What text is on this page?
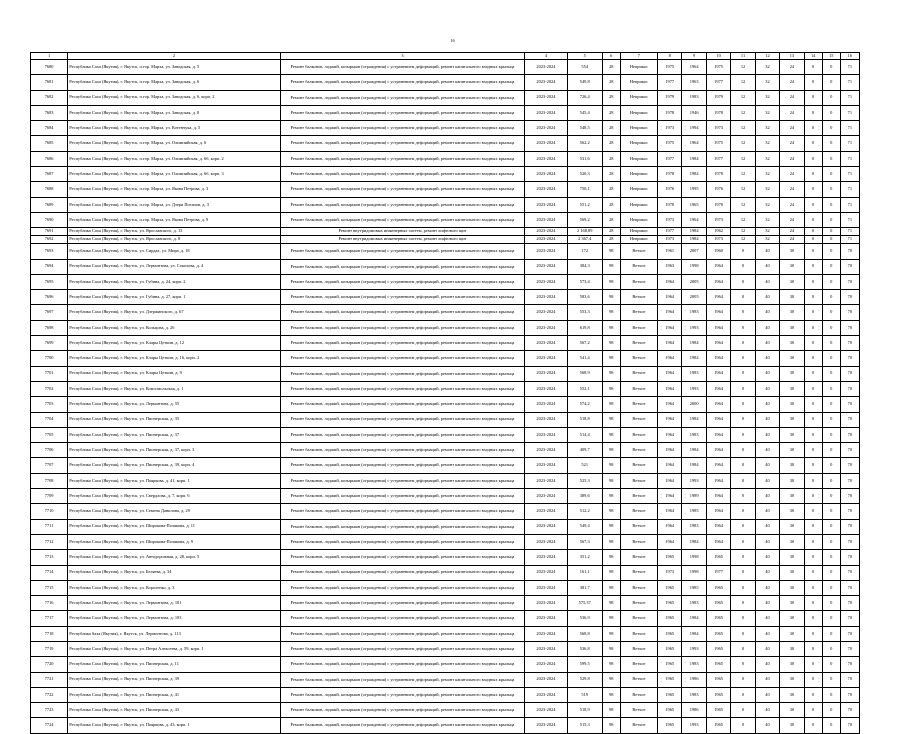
16
1	2	3	4	5	6	7	8	9	10	11	12	13	14	15	16
7680	Республика Саха (Якутия), г. Якутск, п.гор. Марха, ул. Заводская, д. 5	Ремонт балконов, лоджий, козырьков (ограждения) с устранением деформаций, ремонт капитального входных крыльца	2023-2024	554	28	Неприкос	1975	1964	1975	12	32	24	0	0	71
7681	Республика Саха (Якутия), г. Якутск, п.гор. Марха, ул. Заводская, д. 6	Ремонт балконов, лоджий, козырьков (ограждения) с устранением деформаций, ремонт капитального входных крыльца	2023-2024	549,8	28	Неприкос	1977	1963	1977	12	32	24	0	0	71
7682	Республика Саха (Якутия), г. Якутск, п.гор. Марха, ул. Заводская, д. 6, корп. 2	Ремонт балконов, лоджий, козырьков (ограждения) с устранением деформаций, ремонт капитального входных крыльца	2023-2024	726,4	28	Неприкос	1979	1983	1979	12	32	24	0	0	71
7683	Республика Саха (Якутия), г. Якутск, п.гор. Марха, ул. Заводская, д. 8	Ремонт балконов, лоджий, козырьков (ограждения) с устранением деформаций, ремонт капитального входных крыльца	2023-2024	545,4	28	Неприкос	1978	1946	1978	12	32	24	0	0	71
7684	Республика Саха (Якутия), г. Якутск, п.гор. Марха, ул. Котенчука, д. 5	Ремонт балконов, лоджий, козырьков (ограждения) с устранением деформаций, ремонт капитального входных крыльца	2023-2024	548,5	28	Неприкос	1973	1994	1973	12	32	24	0	0	71
7685	Республика Саха (Якутия), г. Якутск, п.гор. Марха, ул. Олимпийская, д. 6	Ремонт балконов, лоджий, козырьков (ограждения) с устранением деформаций, ремонт капитального входных крыльца	2023-2024	562,2	28	Неприкос	1975	1964	1975	12	32	24	0	0	71
7686	Республика Саха (Якутия), г. Якутск, п.гор. Марха, ул. Олимпийская, д. 6б, корп. 2	Ремонт балконов, лоджий, козырьков (ограждения) с устранением деформаций, ремонт капитального входных крыльца	2023-2024	531,6	28	Неприкос	1977	1984	1977	12	32	24	0	0	71
7687	Республика Саха (Якутия), г. Якутск, п.гор. Марха, ул. Олимпийская, д. 6б, корп. 3	Ремонт балконов, лоджий, козырьков (ограждения) с устранением деформаций, ремонт капитального входных крыльца	2023-2024	520,3	28	Неприкос	1978	1984	1978	12	32	24	0	0	71
7688	Республика Саха (Якутия), г. Якутск, п.гор. Марха, ул. Якова Петрова, д. 3	Ремонт балконов, лоджий, козырьков (ограждения) с устранением деформаций, ремонт капитального входных крыльца	2023-2024	750,1	28	Неприкос	1976	1995	1976	12	32	24	0	0	71
7689	Республика Саха (Якутия), г. Якутск, п.гор. Марха, ул. Дзери Потапов, д. 3	Ремонт балконов, лоджий, козырьков (ограждения) с устранением деформаций, ремонт капитального входных крыльца	2023-2024	551,2	28	Неприкос	1978	1965	1978	12	32	24	0	0	71
7690	Республика Саха (Якутия), г. Якутск, п.гор. Марха, ул. Якова Петрова, д. 9	Ремонт балконов, лоджий, козырьков (ограждения) с устранением деформаций, ремонт капитального входных крыльца	2023-2024	569,2	28	Неприкос	1973	1964	1973	12	32	24	0	0	71
7691	Республика Саха (Якутия), г. Якутск, ул. Ярославского, д. 13	Ремонт внутридомовых инженерных систем, ремонт лифтового щит	2023-2024	2 168,89	28	Неприкос	1977	1984	1962	12	32	24	0	0	71
7692	Республика Саха (Якутия), г. Якутск, ул. Ярославского, д. 8	Ремонт внутридомовых инженерных систем, ремонт лифтового щит	2023-2024	2 367,4	28	Неприкос	1973	1984	1973	12	32	24	0	0	71
7693	Республика Саха (Якутия), г. Якутск, ул. Сирдах, ул. Мира, д. 18	Ремонт балконов, лоджий, козырьков (ограждения) с устранением деформаций, ремонт капитального входных крыльца	2023-2024	172	98	Ветхое	1961	2007	1960	0	40	30	0	0	70
7694	Республика Саха (Якутия), г. Якутск, ул. Лермонтова, ул. Соколова, д. 4	Ремонт балконов, лоджий, козырьков (ограждения) с устранением деформаций, ремонт капитального входных крыльца	2023-2024	384,3	98	Ветхое	1963	1998	1964	0	40	30	0	0	70
7695	Республика Саха (Якутия), г. Якутск, ул. Губина, д. 24, корп. 2	Ремонт балконов, лоджий, козырьков (ограждения) с устранением деформаций, ремонт капитального входных крыльца	2023-2024	573,4	98	Ветхое	1964	2005	1964	0	40	30	0	0	70
7696	Республика Саха (Якутия), г. Якутск, ул. Губина, д. 27, корп. 1	Ремонт балконов, лоджий, козырьков (ограждения) с устранением деформаций, ремонт капитального входных крыльца	2023-2024	583,6	98	Ветхое	1964	2005	1964	0	40	30	0	0	70
7697	Республика Саха (Якутия), г. Якутск, ул. Дзержинского, д. 67	Ремонт балконов, лоджий, козырьков (ограждения) с устранением деформаций, ремонт капитального входных крыльца	2023-2024	553,3	98	Ветхое	1964	1983	1964	0	40	30	0	0	70
7698	Республика Саха (Якутия), г. Якутск, ул. Кольцова, д. 26	Ремонт балконов, лоджий, козырьков (ограждения) с устранением деформаций, ремонт капитального входных крыльца	2023-2024	619,8	98	Ветхое	1964	1993	1964	0	40	30	0	0	70
7699	Республика Саха (Якутия), г. Якутск, ул. Клары Цеткин, д. 12	Ремонт балконов, лоджий, козырьков (ограждения) с устранением деформаций, ремонт капитального входных крыльца	2023-2024	567,2	98	Ветхое	1964	1984	1964	0	40	30	0	0	70
7700	Республика Саха (Якутия), г. Якутск, ул. Клары Цеткин, д. 16, корп. 2	Ремонт балконов, лоджий, козырьков (ограждения) с устранением деформаций, ремонт капитального входных крыльца	2023-2024	541,4	98	Ветхое	1964	1984	1964	0	40	30	0	0	70
7701	Республика Саха (Якутия), г. Якутск, ул. Клары Цеткин, д. 9	Ремонт балконов, лоджий, козырьков (ограждения) с устранением деформаций, ремонт капитального входных крыльца	2023-2024	568,9	98	Ветхое	1964	1983	1964	0	40	30	0	0	70
7702	Республика Саха (Якутия), г. Якутск, ул. Комсомольская, д. 1	Ремонт балконов, лоджий, козырьков (ограждения) с устранением деформаций, ремонт капитального входных крыльца	2023-2024	552,1	98	Ветхое	1964	1993	1964	0	40	30	0	0	70
7703	Республика Саха (Якутия), г. Якутск, ул. Лермонтова, д. 55	Ремонт балконов, лоджий, козырьков (ограждения) с устранением деформаций, ремонт капитального входных крыльца	2023-2024	574,2	98	Ветхое	1964	2000	1964	0	40	30	0	0	70
7704	Республика Саха (Якутия), г. Якутск, ул. Пионерская, д. 35	Ремонт балконов, лоджий, козырьков (ограждения) с устранением деформаций, ремонт капитального входных крыльца	2023-2024	518,8	98	Ветхое	1964	1984	1964	0	40	30	0	0	70
7705	Республика Саха (Якутия), г. Якутск, ул. Пионерская, д. 37	Ремонт балконов, лоджий, козырьков (ограждения) с устранением деформаций, ремонт капитального входных крыльца	2023-2024	514,4	98	Ветхое	1964	1983	1964	0	40	30	0	0	70
7706	Республика Саха (Якутия), г. Якутск, ул. Пионерская, д. 37, корп. 3	Ремонт балконов, лоджий, козырьков (ограждения) с устранением деформаций, ремонт капитального входных крыльца	2023-2024	409,7	98	Ветхое	1964	1984	1964	0	40	30	0	0	70
7707	Республика Саха (Якутия), г. Якутск, ул. Пионерская, д. 39, корп. 4	Ремонт балконов, лоджий, козырьков (ограждения) с устранением деформаций, ремонт капитального входных крыльца	2023-2024	521	98	Ветхое	1964	1984	1964	0	40	30	0	0	70
7708	Республика Саха (Якутия), г. Якутск, ул. Пояркова, д. 41, корп. 1	Ремонт балконов, лоджий, козырьков (ограждения) с устранением деформаций, ремонт капитального входных крыльца	2023-2024	525,3	98	Ветхое	1964	1993	1964	0	40	30	0	0	70
7709	Республика Саха (Якутия), г. Якутск, ул. Свердлова, д. 7, корп. 6	Ремонт балконов, лоджий, козырьков (ограждения) с устранением деформаций, ремонт капитального входных крыльца	2023-2024	389,6	98	Ветхое	1964	1989	1964	0	40	30	0	0	70
7710	Республика Саха (Якутия), г. Якутск, ул. Семена Данилова, д. 29	Ремонт балконов, лоджий, козырьков (ограждения) с устранением деформаций, ремонт капитального входных крыльца	2023-2024	512,2	98	Ветхое	1964	1985	1964	0	40	30	0	0	70
7711	Республика Саха (Якутия), г. Якутск, ул. Широкова-Полякова, д. 11	Ремонт балконов, лоджий, козырьков (ограждения) с устранением деформаций, ремонт капитального входных крыльца	2023-2024	549,4	98	Ветхое	1964	1983	1964	0	40	30	0	0	70
7712	Республика Саха (Якутия), г. Якутск, ул. Широкова-Полякова, д. 9	Ремонт балконов, лоджий, козырьков (ограждения) с устранением деформаций, ремонт капитального входных крыльца	2023-2024	567,3	98	Ветхое	1964	1984	1964	0	40	30	0	0	70
7713	Республика Саха (Якутия), г. Якутск, ул. Автодорожная, д. 28, корп. 5	Ремонт балконов, лоджий, козырьков (ограждения) с устранением деформаций, ремонт капитального входных крыльца	2023-2024	351,2	98	Ветхое	1965	1998	1965	0	40	30	0	0	70
7714	Республика Саха (Якутия), г. Якутск, ул. Беляева, д. 34	Ремонт балконов, лоджий, козырьков (ограждения) с устранением деформаций, ремонт капитального входных крыльца	2023-2024	161,1	98	Ветхое	1973	1998	1977	0	40	30	0	0	70
7715	Республика Саха (Якутия), г. Якутск, ул. Короленко, д. 3	Ремонт балконов, лоджий, козырьков (ограждения) с устранением деформаций, ремонт капитального входных крыльца	2023-2024	381,7	98	Ветхое	1965	1985	1965	0	40	30	0	0	70
7716	Республика Саха (Якутия), г. Якутск, ул. Лермонтова, д. 101	Ремонт балконов, лоджий, козырьков (ограждения) с устранением деформаций, ремонт капитального входных крыльца	2023-2024	575,37	98	Ветхое	1965	1983	1965	0	40	30	0	0	70
7717	Республика Саха (Якутия), г. Якутск, ул. Лермонтова, д. 103	Ремонт балконов, лоджий, козырьков (ограждения) с устранением деформаций, ремонт капитального входных крыльца	2023-2024	536,9	98	Ветхое	1965	1984	1965	0	40	30	0	0	70
7718	Республика Saха (Якутия), г. Якутск, ул. Лермонтова, д. 113	Ремонт балконов, лоджий, козырьков (ограждения) с устранением деформаций, ремонт капитального входных крыльца	2023-2024	568,8	98	Ветхое	1965	1984	1965	0	40	30	0	0	70
7719	Республика Саха (Якутия), г. Якутск, ул. Петра Алексеева, д. 59, корп. 1	Ремонт балконов, лоджий, козырьков (ограждения) с устранением деформаций, ремонт капитального входных крыльца	2023-2024	536,8	98	Ветхое	1965	1993	1965	0	40	30	0	0	70
7720	Республика Саха (Якутия), г. Якутск, ул. Пионерская, д. 11	Ремонт балконов, лоджий, козырьков (ограждения) с устранением деформаций, ремонт капитального входных крыльца	2023-2024	599,5	98	Ветхое	1965	1983	1965	0	40	30	0	0	70
7721	Республика Саха (Якутия), г. Якутск, ул. Пионерская, д. 39	Ремонт балконов, лоджий, козырьков (ограждения) с устранением деформаций, ремонт капитального входных крыльца	2023-2024	529,8	98	Ветхое	1965	1986	1965	0	40	30	0	0	70
7722	Республика Саха (Якутия), г. Якутск, ул. Пионерская, д. 41	Ремонт балконов, лоджий, козырьков (ограждения) с устранением деформаций, ремонт капитального входных крыльца	2023-2024	519	98	Ветхое	1965	1983	1965	0	40	30	0	0	70
7723	Республика Саха (Якутия), г. Якутск, ул. Пионерская, д. 43	Ремонт балконов, лоджий, козырьков (ограждения) с устранением деформаций, ремонт капитального входных крыльца	2023-2024	518,9	98	Ветхое	1965	1986	1965	0	40	30	0	0	70
7724	Республика Саха (Якутия), г. Якутск, ул. Пояркова, д. 43, корп. 1	Ремонт балконов, лоджий, козырьков (ограждения) с устранением деформаций, ремонт капитального входных крыльца	2023-2024	515,3	98	Ветхое	1965	1993	1965	0	40	30	0	0	70
